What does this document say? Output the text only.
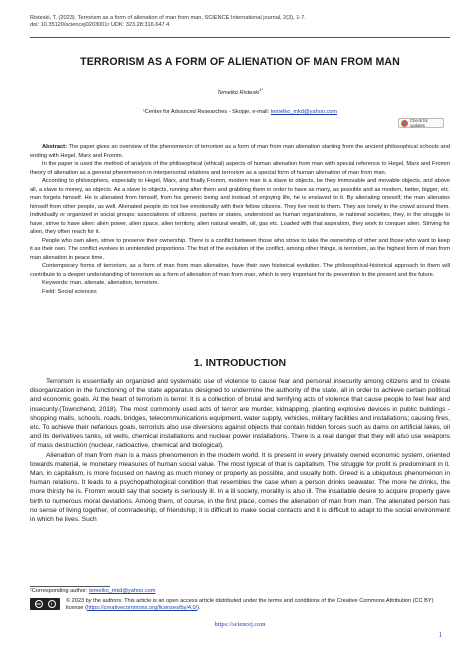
Risteski, T. (2023). Terrorism as a form of alienation of man from man, SCIENCE International journal, 2(3), 1-7.
doi: 10.35120/sciencej0203001r UDK: 323.28:316.647.4
TERRORISM AS A FORM OF ALIENATION OF MAN FROM MAN
Temelko Risteski$^{1*}$
¹Center for Advanced Researches - Skopje, e-mail: temelko_mkd@yahoo.com
Check for updates

Abstract: The paper gives an overview of the phenomenon of terrorism as a form of man from man alienation starting from the ancient philosophical schools and ending with Hegel, Marx and Fromm.

In the paper is used the method of analysis of the philosophical (ethical) aspects of human alienation from man with special reference to Hegel, Marx and Fromm theory of alienation as a general phenomenon in interpersonal relations and terrorism as a special form of human alienation of man from man.

According to philosophers, especially to Hegel, Marx, and finally Fromm, modern man is a slave to objects, be they immovable and movable objects, and above all, a slave to money, as objects. As a slave to objects, running after them and grabbing them in order to have as many, as possible and as modern, better, bigger, etc. man forgets himself. He is alienated from himself, from his generic being and instead of enjoying life, he is enslaved to it. By alienating oneself, the man alienates himself from other people, as well. Alienated people do not live emotionally with their fellow citizens. They live next to them. They are lonely in the crowd around them. Individually or organized in social groups: associations of citizens, parties or states, understood as human organizations, ie national societies, they, in the struggle to have, strive to have alien: alien power, alien space, alien territory, alien natural wealth, oil, gas etc. Loaded with that aspiration, they work to conquer alien. Striving for alien, they often reach for it.

People who own alien, strive to preserve their ownership. There is a conflict between those who strive to take the ownership of other and those who want to keep it as their own. The conflict evolves to unintended proportions. The fruit of the evolution of the conflict, among other things, is terrorism, as the highest form of man from man alienation in peace time.

Contemporary forms of terrorism, as a form of man from man alienation, have their own historical evolution. The philosophical-historical approach to them will contribute to a deeper understanding of terrorism as a form of alienation of man from man, which is very important for its prevention in the present and the future.

Keywords: man, alienate, alienation, terrorism.

Field: Social sciences

1. INTRODUCTION

Terrorism is essentially an organized and systematic use of violence to cause fear and personal insecurity among citizens and to create disorganization in the functioning of the state apparatus designed to undermine the authority of the state, all in order to achieve certain political and economic goals. At the heart of terrorism is terror. It is a collection of brutal and terrifying acts of violence that cause people to feel fear and insecurity.(Townchend, 2018). The most commonly used acts of terror are murder, kidnapping, planting explosive devices in public buildings - shopping malls, schools, roads, bridges, telecommunications equipment, water supply, vehicles, military facilities and installations; causing fires, etc. To achieve their nefarious goals, terrorists also use diversions against objects that contain hidden forces such as dams on artificial lakes, oil and its derivatives tanks, oil wells, chemical installations and nuclear power installations. There is a real danger that they will also use weapons of mass destruction (nuclear, radioactive, chemical and biological).

Alienation of man from man is a mass phenomenon in the modern world. It is present in every privately owned economic system, oriented towards material, ie monetary measures of human social value. The most typical of that is capitalism. The struggle for profit is predominant in it. Man, in capitalism, is more focused on having as much money or property as possible, and usually both. Greed is a ubiquitous phenomenon in human relations. It leads to a psychopathological condition that resembles the case when a person drinks seawater. The more he drinks, the more thirsty he is. Fromm would say that society is seriously ill. In a ill society, morality is also ill. The insatiable desire to acquire property gave birth to numerous moral deviations. Among them, of course, in the first place, comes the alienation of man from man. The alienated person has no sense of living together, of comradeship, of friendship; it is difficult to make social contacts and it is difficult to adapt to the social environment in which he lives. Such

¹Corresponding author: temelko_mkd@yahoo.com
cc	i	© 2023 by the authors. This article is an open access article distributed under the terms and conditions of the Creative Commons Attribution (CC BY) license (https://creativecommons.org/licenses/by/4.0/).
https://sciencej.com
1
